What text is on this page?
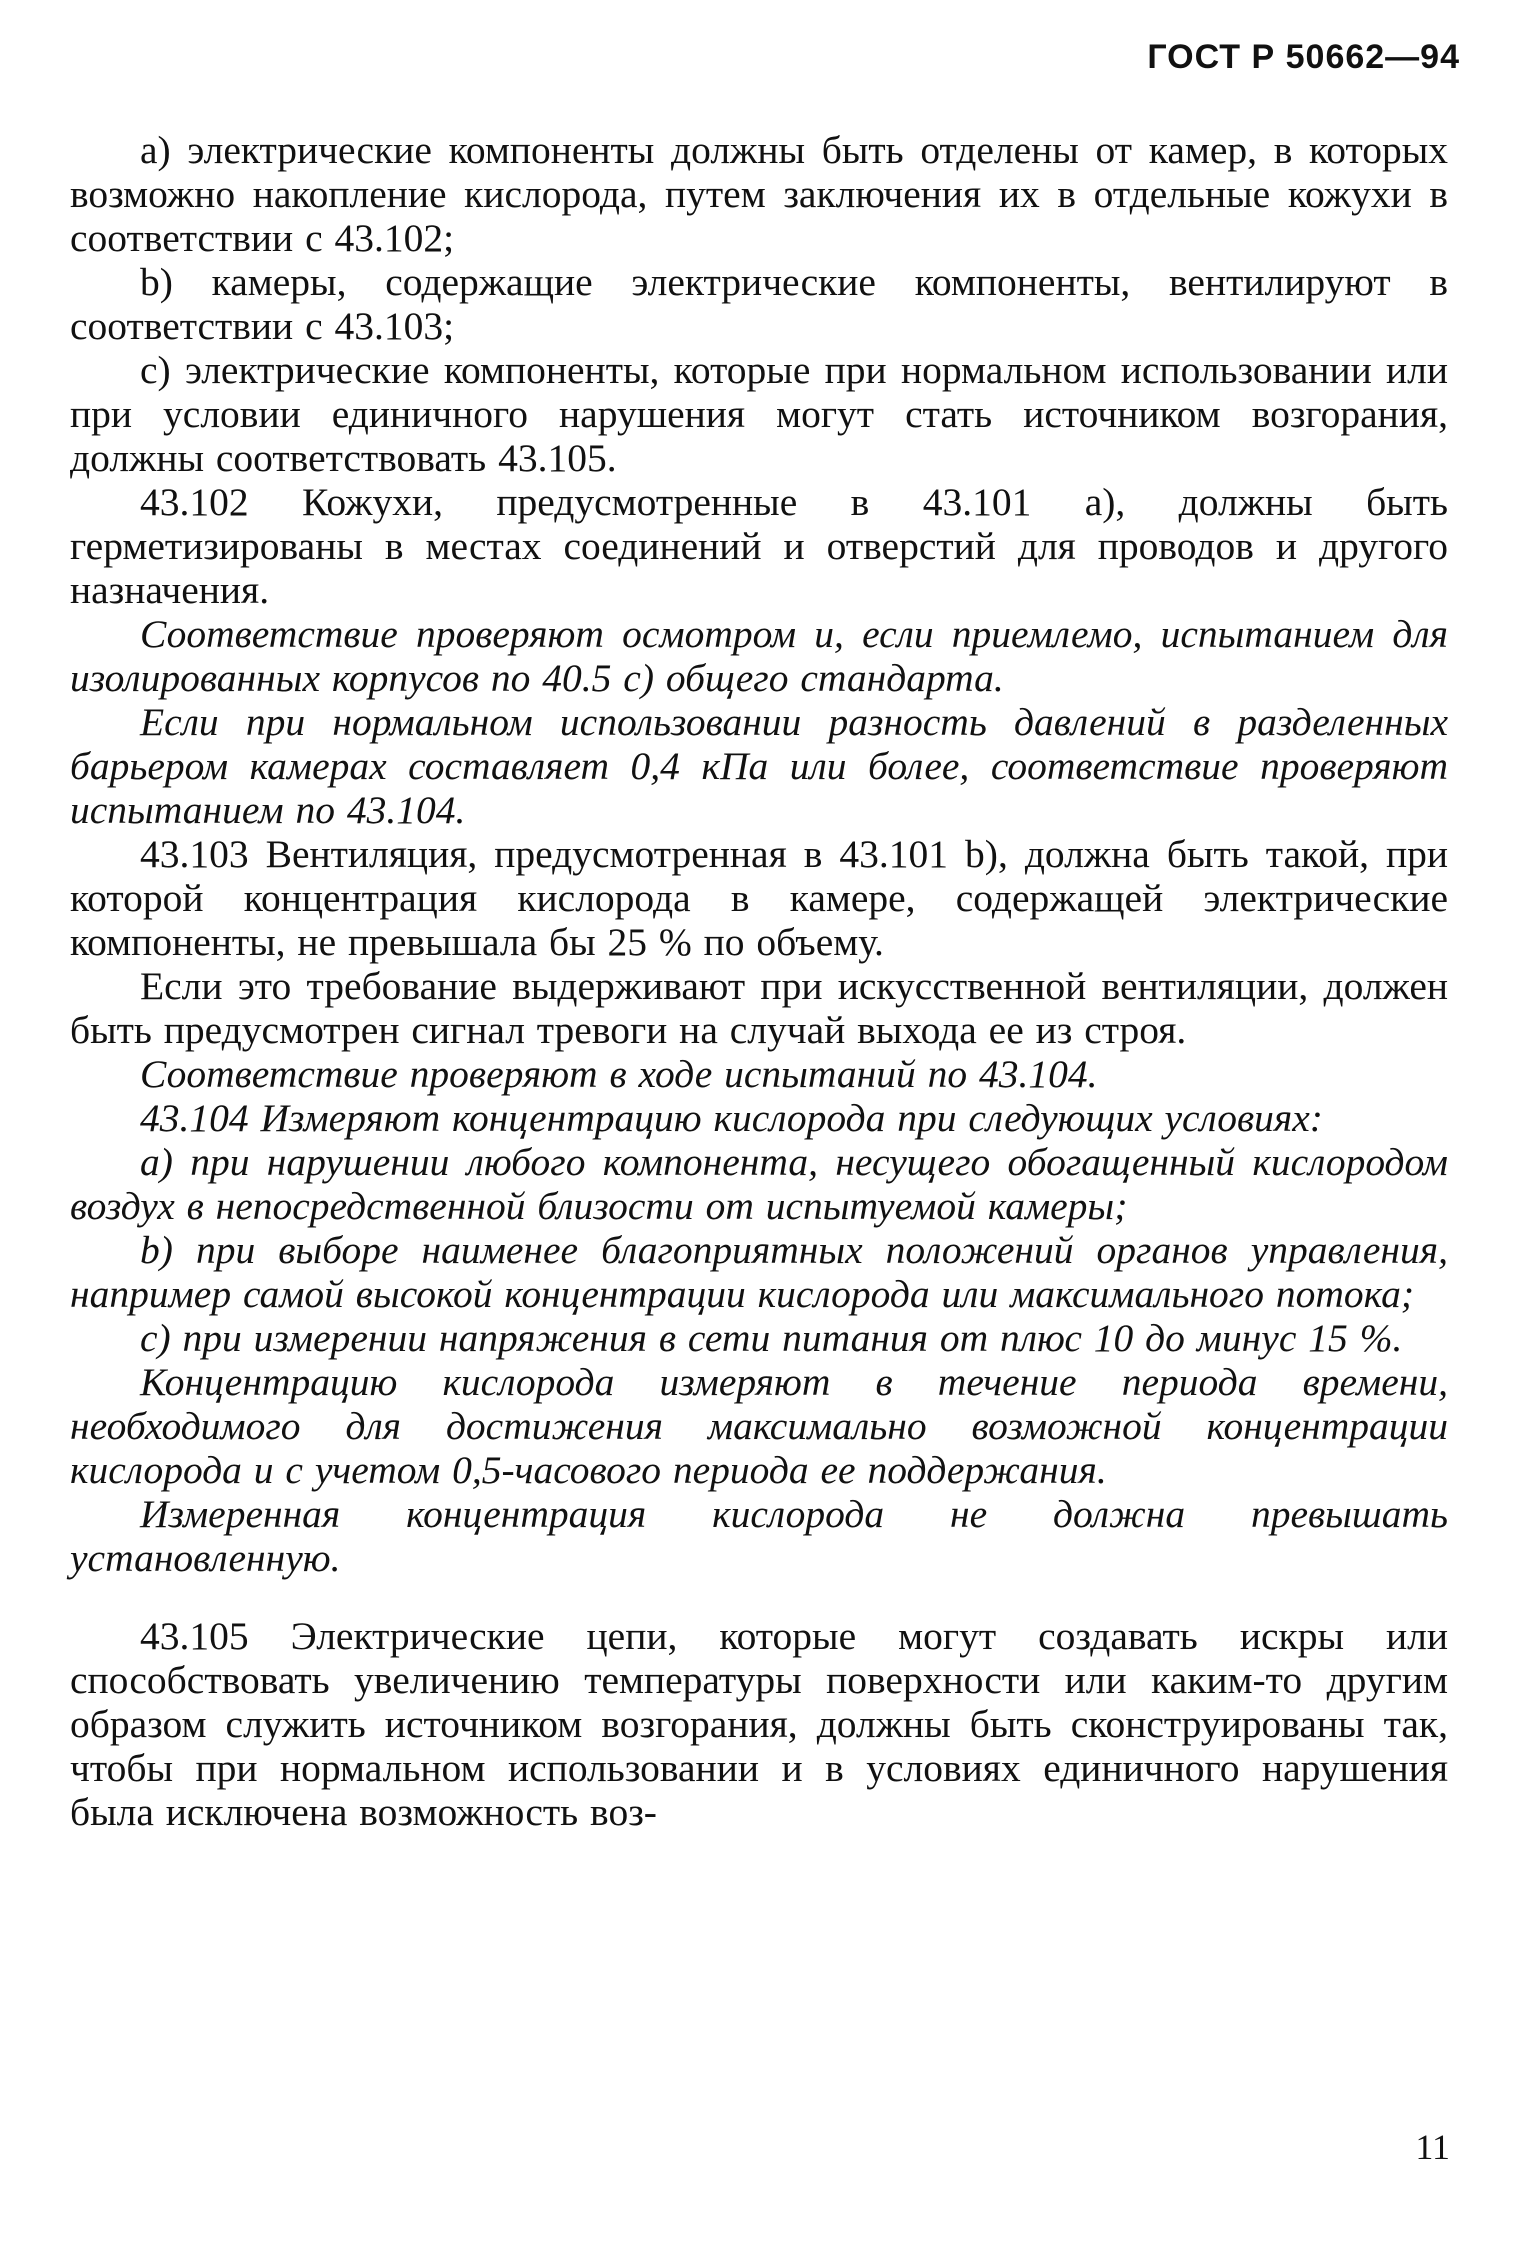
ГОСТ Р 50662—94

а) электрические компоненты должны быть отделены от камер, в которых возможно накопление кислорода, путем заключения их в отдельные кожухи в соответствии с 43.102;

b) камеры, содержащие электрические компоненты, вентилируют в соответствии с 43.103;

с) электрические компоненты, которые при нормальном использовании или при условии единичного нарушения могут стать источником возгорания, должны соответствовать 43.105.

43.102 Кожухи, предусмотренные в 43.101 а), должны быть герметизированы в местах соединений и отверстий для проводов и другого назначения.

Соответствие проверяют осмотром и, если приемлемо, испытанием для изолированных корпусов по 40.5 с) общего стандарта.

Если при нормальном использовании разность давлений в разделенных барьером камерах составляет 0,4 кПа или более, соответствие проверяют испытанием по 43.104.

43.103 Вентиляция, предусмотренная в 43.101 b), должна быть такой, при которой концентрация кислорода в камере, содержащей электрические компоненты, не превышала бы 25 % по объему.

Если это требование выдерживают при искусственной вентиляции, должен быть предусмотрен сигнал тревоги на случай выхода ее из строя.

Соответствие проверяют в ходе испытаний по 43.104.

43.104 Измеряют концентрацию кислорода при следующих условиях:

а) при нарушении любого компонента, несущего обогащенный кислородом воздух в непосредственной близости от испытуемой камеры;

b) при выборе наименее благоприятных положений органов управления, например самой высокой концентрации кислорода или максимального потока;

с) при измерении напряжения в сети питания от плюс 10 до минус 15 %.

Концентрацию кислорода измеряют в течение периода времени, необходимого для достижения максимально возможной концентрации кислорода и с учетом 0,5-часового периода ее поддержания.

Измеренная концентрация кислорода не должна превышать установленную.

43.105 Электрические цепи, которые могут создавать искры или способствовать увеличению температуры поверхности или каким-то другим образом служить источником возгорания, должны быть сконструированы так, чтобы при нормальном использовании и в условиях единичного нарушения была исключена возможность воз-

11
